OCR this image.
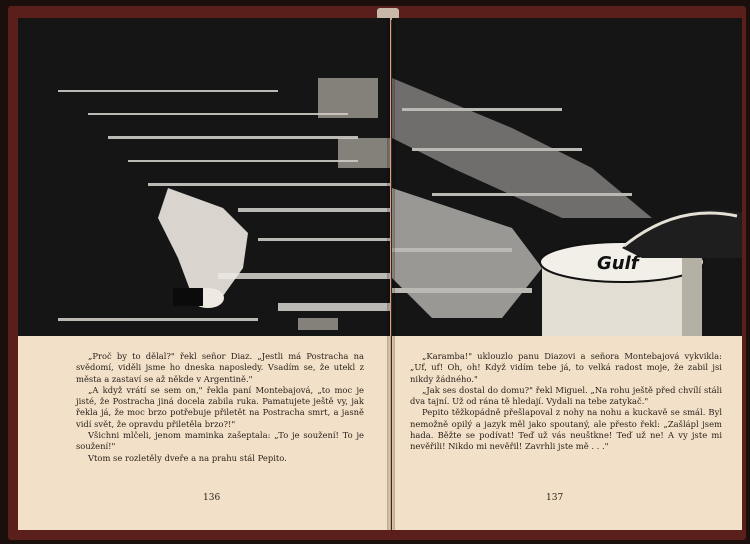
„Proč by to dělal?" řekl señor Diaz. „Jestli má Postracha na svědomí, viděli jsme ho dneska naposledy. Vsadím se, že utekl z města a zastaví se až někde v Argentině."

„A když vrátí se sem on," řekla paní Montebajová, „to moc je jisté, že Postracha jiná docela zabila ruka. Pamatujete ještě vy, jak řekla já, že moc brzo potřebuje přiletět na Postracha smrt, a jasně vidí svět, že opravdu přiletěla brzo?!"

Všichni mlčeli, jenom maminka zašeptala: „To je soužení! To je soužení!"

Vtom se rozletěly dveře a na prahu stál Pepito.

136
Gulf

„Karamba!" uklouzlo panu Diazovi a señora Montebajová vykvikla: „Uf, uf! Oh, oh! Když vidím tebe já, to velká radost moje, že zabil jsi nikdy žádného."

„Jak ses dostal do domu?" řekl Miguel. „Na rohu ještě před chvílí stáli dva tajní. Už od rána tě hledají. Vydali na tebe zatykač."

Pepito těžkopádně přešlapoval z nohy na nohu a kuckavě se smál. Byl nemožně opilý a jazyk měl jako spoutaný, ale přesto řekl: „Zašlápl jsem hada. Běžte se podívat! Teď už vás neuštkne! Teď už ne! A vy jste mi nevěřili! Nikdo mi nevěřil! Zavrhli jste mě . . ."

137
